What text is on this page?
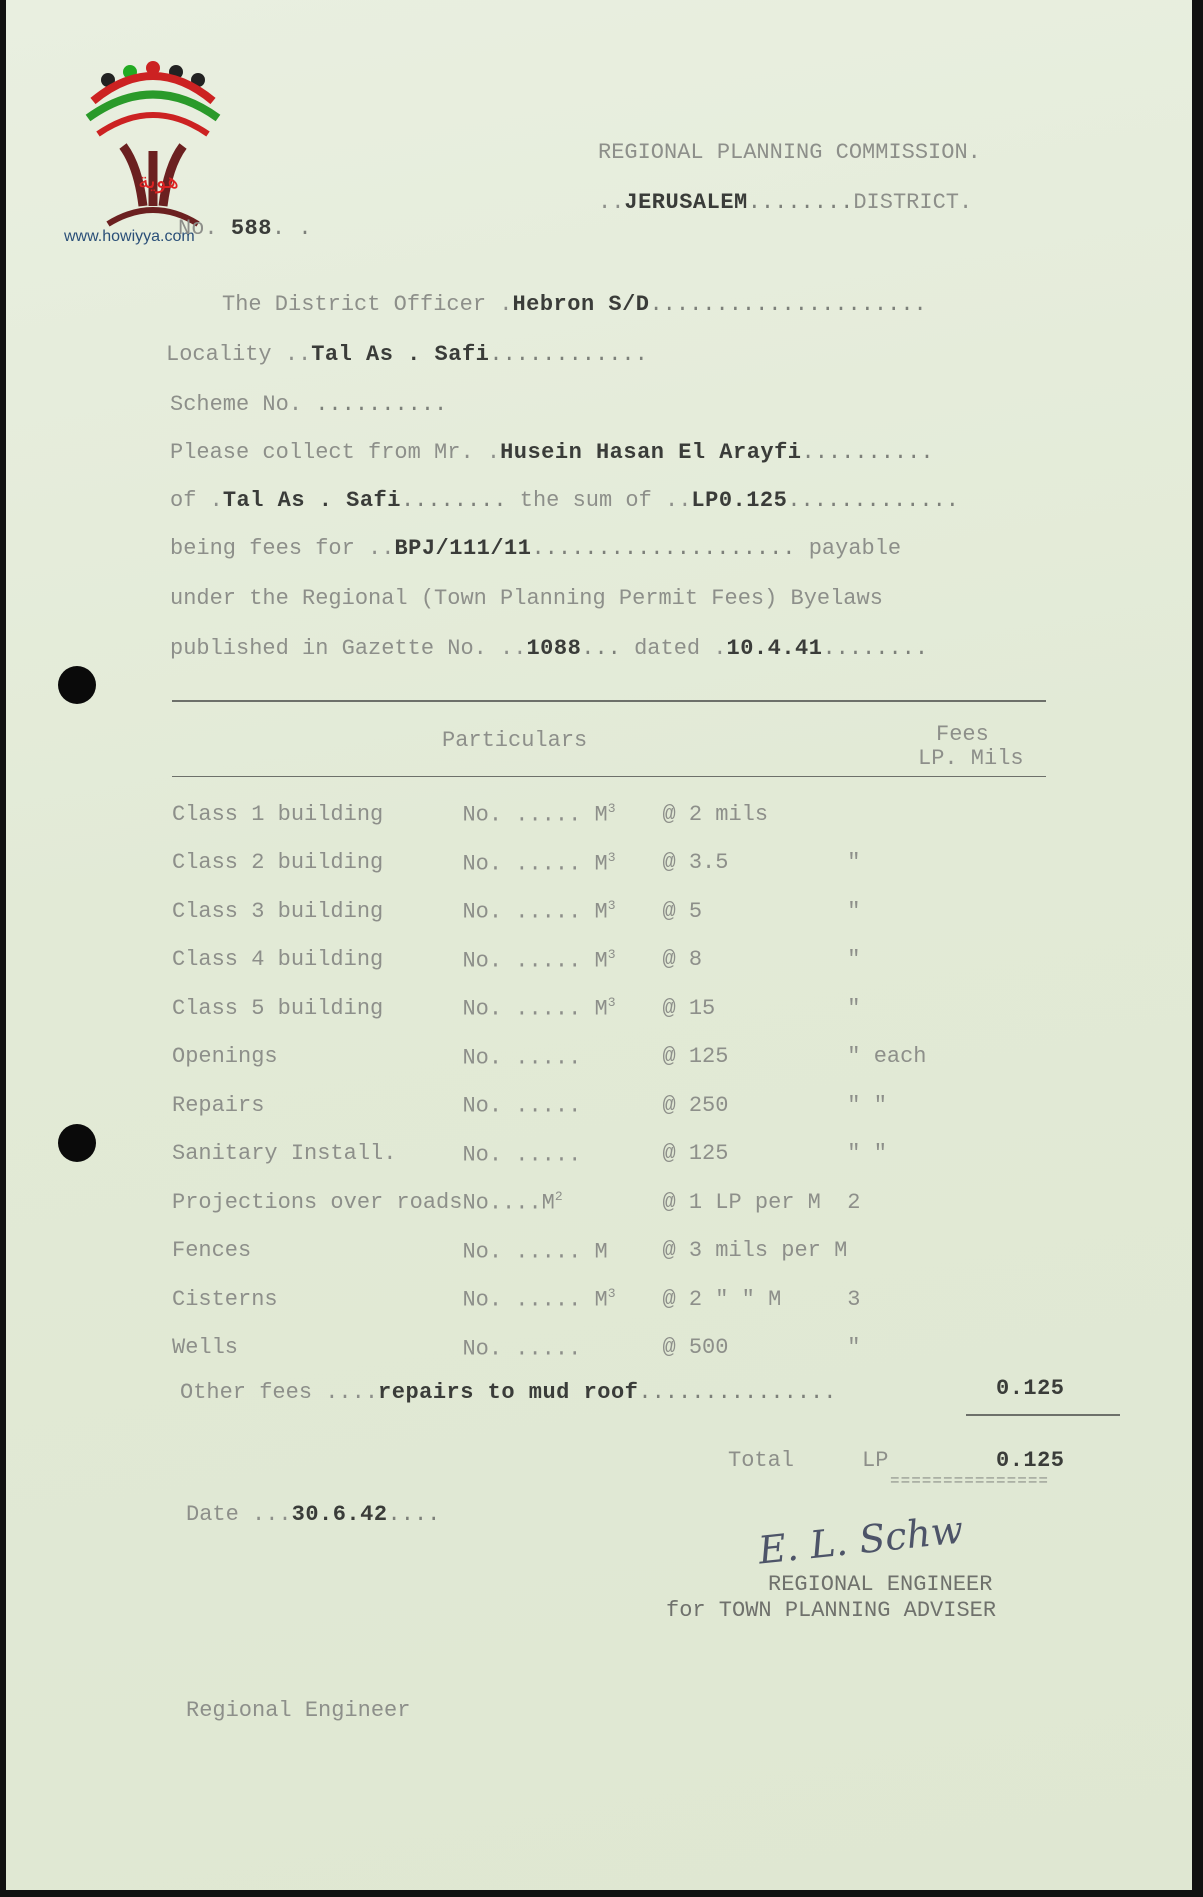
هوية
www.howiyya.com
REGIONAL PLANNING COMMISSION.
..JERUSALEM........DISTRICT.
No. 588. .
The District Officer .Hebron S/D.....................
Locality ..Tal As . Safi............
Scheme No. ..........
Please collect from Mr. .Husein Hasan El Arayfi..........
of .Tal As . Safi........ the sum of ..LP0.125.............
being fees for ..BPJ/111/11.................... payable
under the Regional (Town Planning Permit Fees) Byelaws
published in Gazette No. ..1088... dated .10.4.41........
Particulars	Fees
LP. Mils
Class 1 building	No. ..... $M^3$	@ 2 mils	
Class 2 building	No. ..... $M^3$	@ 3.5	"
Class 3 building	No. ..... $M^3$	@ 5	"
Class 4 building	No. ..... $M^3$	@ 8	"
Class 5 building	No. ..... $M^3$	@ 15	"
Openings	No. .....	@ 125	" each
Repairs	No. .....	@ 250	" "
Sanitary Install.	No. .....	@ 125	" "
Projections over roads	$No....M^2$	@ 1 LP per M	2
Fences	No. ..... M	@ 3 mils per M	
Cisterns	No. ..... $M^3$	@ 2 " " M	3
Wells	No. .....	@ 500	"
Other fees ....repairs to mud roof...............	0.125
Total	LP	0.125
===============
Date ...30.6.42....	E. L. Schw
REGIONAL ENGINEER
for TOWN PLANNING ADVISER
Regional Engineer
